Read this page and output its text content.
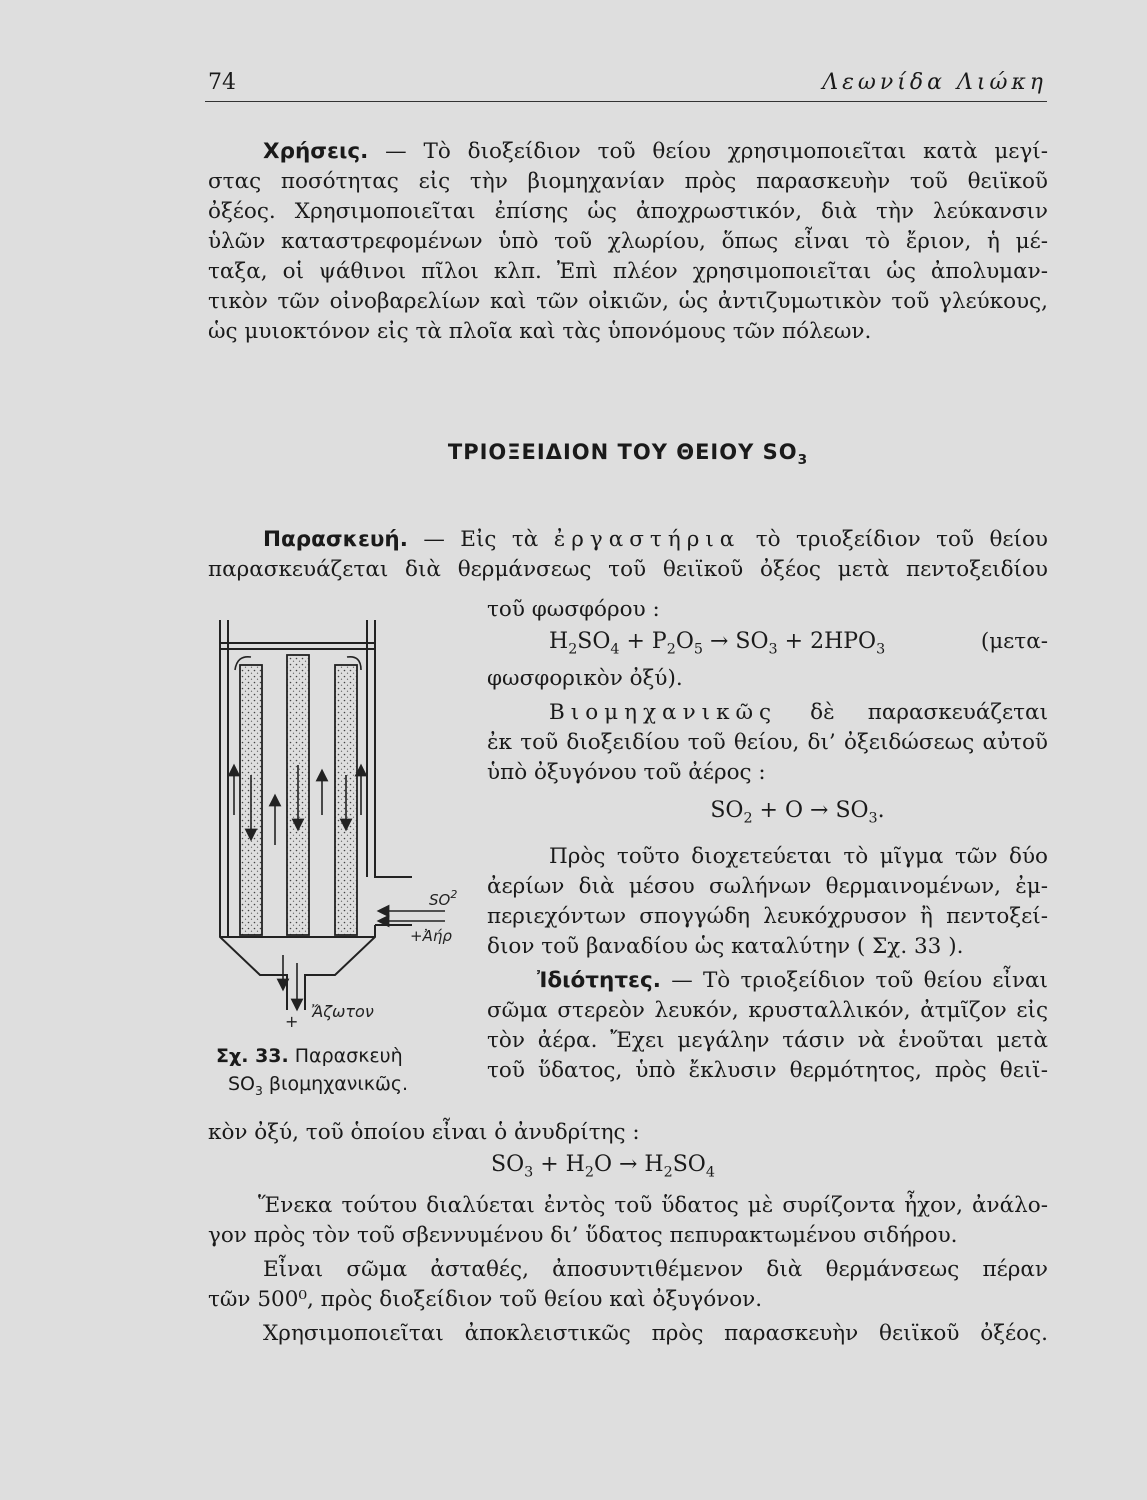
74	Λεωνίδα Λιώκη
Χρήσεις. — Τὸ διοξείδιον τοῦ θείου χρησιμοποιεῖται κατὰ μεγί-
στας ποσότητας εἰς τὴν βιομηχανίαν πρὸς παρασκευὴν τοῦ θειϊκοῦ
ὀξέος. Χρησιμοποιεῖται ἐπίσης ὡς ἀποχρωστικόν, διὰ τὴν λεύκανσιν
ὑλῶν καταστρεφομένων ὑπὸ τοῦ χλωρίου, ὅπως εἶναι τὸ ἔριον, ἡ μέ-
ταξα, οἱ ψάθινοι πῖλοι κλπ. Ἐπὶ πλέον χρησιμοποιεῖται ὡς ἀπολυμαν-
τικὸν τῶν οἰνοβαρελίων καὶ τῶν οἰκιῶν, ὡς ἀντιζυμωτικὸν τοῦ γλεύκους,
ὡς μυιοκτόνον εἰς τὰ πλοῖα καὶ τὰς ὑπονόμους τῶν πόλεων.
ΤΡΙΟΞΕΙΔΙΟΝ ΤΟΥ ΘΕΙΟΥ $SO_3$
Παρασκευή. — Εἰς τὰ ἐργαστήρια τὸ τριοξείδιον τοῦ θείου
παρασκευάζεται διὰ θερμάνσεως τοῦ θειϊκοῦ ὀξέος μετὰ πεντοξειδίου
τοῦ φωσφόρου :
$H_2SO_4 + P_2O_5 \to SO_3 + 2HPO_3$	(μετα-
φωσφορικὸν ὀξύ).
Βιομηχανικῶς δὲ παρασκευάζεται
ἐκ τοῦ διοξειδίου τοῦ θείου, δι’ ὀξειδώσεως αὐτοῦ
ὑπὸ ὀξυγόνου τοῦ ἀέρος :
$SO_2 + O \to SO_3$.
Πρὸς τοῦτο διοχετεύεται τὸ μῖγμα τῶν δύο
ἀερίων διὰ μέσου σωλήνων θερμαινομένων, ἐμ-
περιεχόντων σπογγώδη λευκόχρυσον ἢ πεντοξεί-
διον τοῦ βαναδίου ὡς καταλύτην ( Σχ. 33 ).
Ἰδιότητες. — Τὸ τριοξείδιον τοῦ θείου εἶναι
σῶμα στερεὸν λευκόν, κρυσταλλικόν, ἀτμῖζον εἰς
τὸν ἀέρα. Ἔχει μεγάλην τάσιν νὰ ἑνοῦται μετὰ
τοῦ ὕδατος, ὑπὸ ἔκλυσιν θερμότητος, πρὸς θειϊ-
κὸν ὀξύ, τοῦ ὁποίου εἶναι ὁ ἀνυδρίτης :
$SO_3 + H_2O \to H_2SO_4$
Ἕνεκα τούτου διαλύεται ἐντὸς τοῦ ὕδατος μὲ συρίζοντα ἦχον, ἀνάλο-
γον πρὸς τὸν τοῦ σβεννυμένου δι’ ὕδατος πεπυρακτωμένου σιδήρου.
Εἶναι σῶμα ἀσταθές, ἀποσυντιθέμενον διὰ θερμάνσεως πέραν
τῶν 500⁰, πρὸς διοξείδιον τοῦ θείου καὶ ὀξυγόνον.
Χρησιμοποιεῖται ἀποκλειστικῶς πρὸς παρασκευὴν θειϊκοῦ ὀξέος.
$SO^2$
+Ἀήρ
+
Ἄζωτον
Σχ. 33. Παρασκευὴ
$SO_3$ βιομηχανικῶς.
